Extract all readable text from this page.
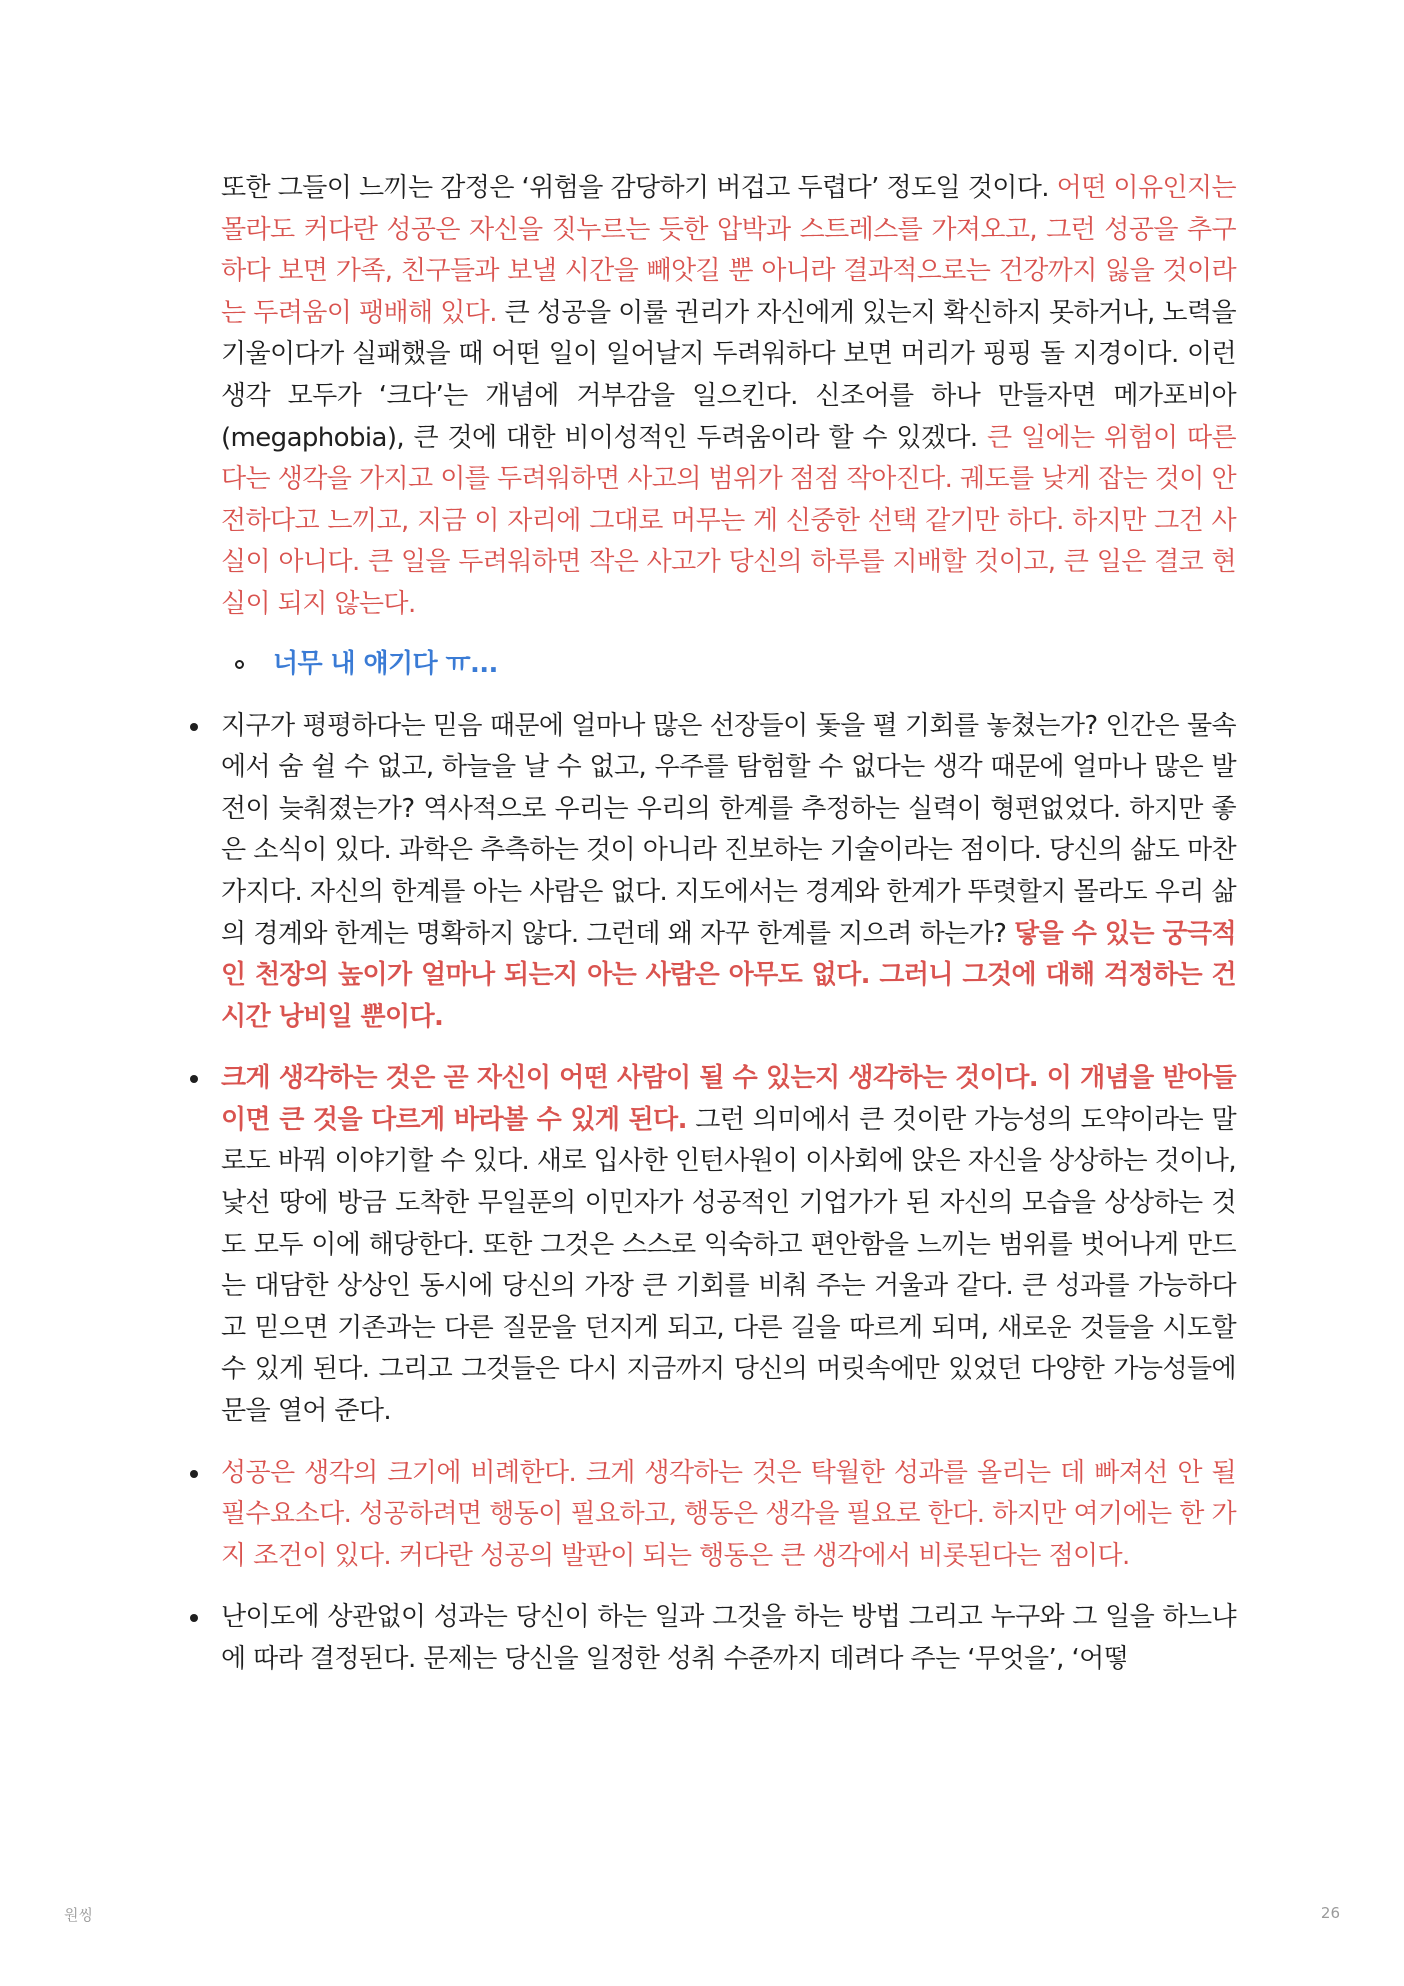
또한 그들이 느끼는 감정은 ‘위험을 감당하기 버겁고 두렵다’ 정도일 것이다. 어떤 이유인지는 몰라도 커다란 성공은 자신을 짓누르는 듯한 압박과 스트레스를 가져오고, 그런 성공을 추구하다 보면 가족, 친구들과 보낼 시간을 빼앗길 뿐 아니라 결과적으로는 건강까지 잃을 것이라는 두려움이 팽배해 있다. 큰 성공을 이룰 권리가 자신에게 있는지 확신하지 못하거나, 노력을 기울이다가 실패했을 때 어떤 일이 일어날지 두려워하다 보면 머리가 핑핑 돌 지경이다. 이런 생각 모두가 ‘크다’는 개념에 거부감을 일으킨다. 신조어를 하나 만들자면 메가포비아(megaphobia), 큰 것에 대한 비이성적인 두려움이라 할 수 있겠다. 큰 일에는 위험이 따른다는 생각을 가지고 이를 두려워하면 사고의 범위가 점점 작아진다. 궤도를 낮게 잡는 것이 안전하다고 느끼고, 지금 이 자리에 그대로 머무는 게 신중한 선택 같기만 하다. 하지만 그건 사실이 아니다. 큰 일을 두려워하면 작은 사고가 당신의 하루를 지배할 것이고, 큰 일은 결코 현실이 되지 않는다.

너무 내 얘기다 ㅠ...
지구가 평평하다는 믿음 때문에 얼마나 많은 선장들이 돛을 펼 기회를 놓쳤는가? 인간은 물속에서 숨 쉴 수 없고, 하늘을 날 수 없고, 우주를 탐험할 수 없다는 생각 때문에 얼마나 많은 발전이 늦춰졌는가? 역사적으로 우리는 우리의 한계를 추정하는 실력이 형편없었다. 하지만 좋은 소식이 있다. 과학은 추측하는 것이 아니라 진보하는 기술이라는 점이다. 당신의 삶도 마찬가지다. 자신의 한계를 아는 사람은 없다. 지도에서는 경계와 한계가 뚜렷할지 몰라도 우리 삶의 경계와 한계는 명확하지 않다. 그런데 왜 자꾸 한계를 지으려 하는가? 닿을 수 있는 궁극적인 천장의 높이가 얼마나 되는지 아는 사람은 아무도 없다. 그러니 그것에 대해 걱정하는 건 시간 낭비일 뿐이다.
크게 생각하는 것은 곧 자신이 어떤 사람이 될 수 있는지 생각하는 것이다. 이 개념을 받아들이면 큰 것을 다르게 바라볼 수 있게 된다. 그런 의미에서 큰 것이란 가능성의 도약이라는 말로도 바꿔 이야기할 수 있다. 새로 입사한 인턴사원이 이사회에 앉은 자신을 상상하는 것이나, 낯선 땅에 방금 도착한 무일푼의 이민자가 성공적인 기업가가 된 자신의 모습을 상상하는 것도 모두 이에 해당한다. 또한 그것은 스스로 익숙하고 편안함을 느끼는 범위를 벗어나게 만드는 대담한 상상인 동시에 당신의 가장 큰 기회를 비춰 주는 거울과 같다. 큰 성과를 가능하다고 믿으면 기존과는 다른 질문을 던지게 되고, 다른 길을 따르게 되며, 새로운 것들을 시도할 수 있게 된다. 그리고 그것들은 다시 지금까지 당신의 머릿속에만 있었던 다양한 가능성들에 문을 열어 준다.
성공은 생각의 크기에 비례한다. 크게 생각하는 것은 탁월한 성과를 올리는 데 빠져선 안 될 필수요소다. 성공하려면 행동이 필요하고, 행동은 생각을 필요로 한다. 하지만 여기에는 한 가지 조건이 있다. 커다란 성공의 발판이 되는 행동은 큰 생각에서 비롯된다는 점이다.
난이도에 상관없이 성과는 당신이 하는 일과 그것을 하는 방법 그리고 누구와 그 일을 하느냐에 따라 결정된다. 문제는 당신을 일정한 성취 수준까지 데려다 주는 ‘무엇을’, ‘어떻
원씽	26
